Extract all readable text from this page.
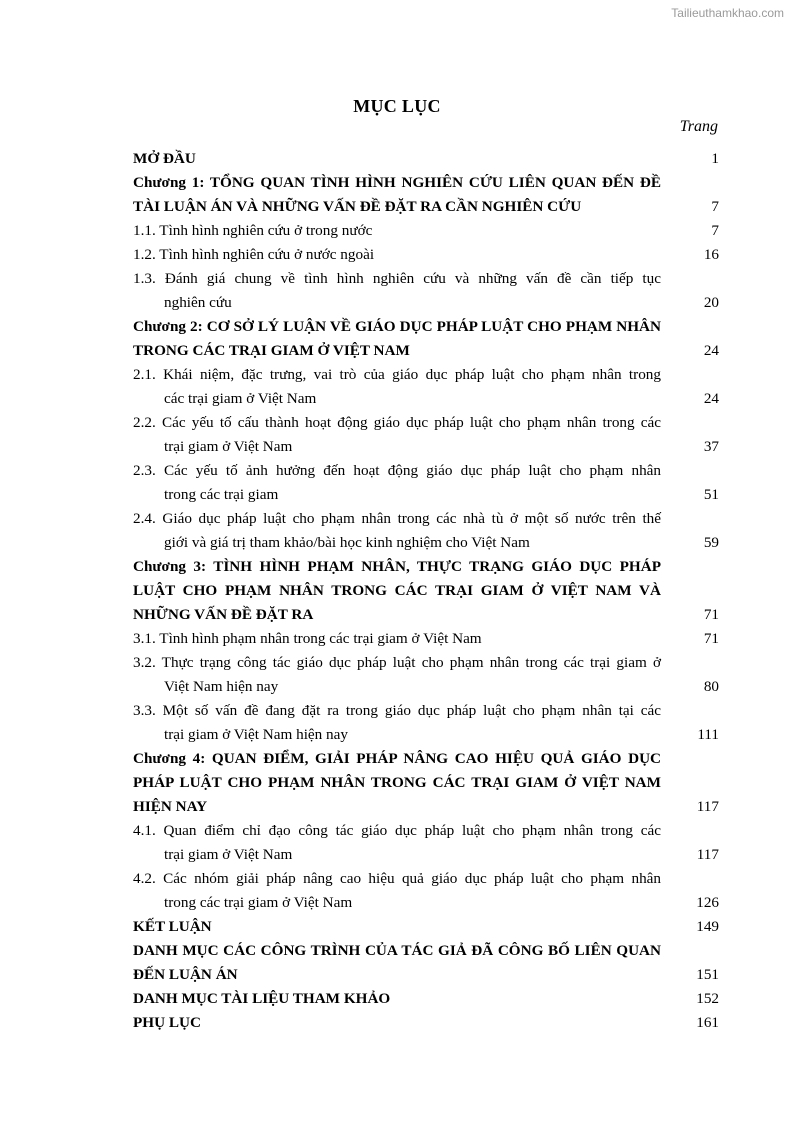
Tailieuthamkhao.com
MỤC LỤC
Trang
MỞ ĐẦU	1
Chương 1: TỔNG QUAN TÌNH HÌNH NGHIÊN CỨU LIÊN QUAN ĐẾN ĐỀ
TÀI LUẬN ÁN VÀ NHỮNG VẤN ĐỀ ĐẶT RA CẦN NGHIÊN CỨU	7
1.1. Tình hình nghiên cứu ở trong nước	7
1.2. Tình hình nghiên cứu ở nước ngoài	16
1.3. Đánh giá chung về tình hình nghiên cứu và những vấn đề cần tiếp tục
nghiên cứu	20
Chương 2: CƠ SỞ LÝ LUẬN VỀ GIÁO DỤC PHÁP LUẬT CHO PHẠM NHÂN
TRONG CÁC TRẠI GIAM Ở VIỆT NAM	24
2.1. Khái niệm, đặc trưng, vai trò của giáo dục pháp luật cho phạm nhân trong
các trại giam ở Việt Nam	24
2.2. Các yếu tố cấu thành hoạt động giáo dục pháp luật cho phạm nhân trong các
trại giam ở Việt Nam	37
2.3. Các yếu tố ảnh hưởng đến hoạt động giáo dục pháp luật cho phạm nhân
trong các trại giam	51
2.4. Giáo dục pháp luật cho phạm nhân trong các nhà tù ở một số nước trên thế
giới và giá trị tham khảo/bài học kinh nghiệm cho Việt Nam	59
Chương 3: TÌNH HÌNH PHẠM NHÂN, THỰC TRẠNG GIÁO DỤC PHÁP
LUẬT CHO PHẠM NHÂN TRONG CÁC TRẠI GIAM Ở VIỆT NAM VÀ
NHỮNG VẤN ĐỀ ĐẶT RA	71
3.1. Tình hình phạm nhân trong các trại giam ở Việt Nam	71
3.2. Thực trạng công tác giáo dục pháp luật cho phạm nhân trong các trại giam ở
Việt Nam hiện nay	80
3.3. Một số vấn đề đang đặt ra trong giáo dục pháp luật cho phạm nhân tại các
trại giam ở Việt Nam hiện nay	111
Chương 4: QUAN ĐIỂM, GIẢI PHÁP NÂNG CAO HIỆU QUẢ GIÁO DỤC
PHÁP LUẬT CHO PHẠM NHÂN TRONG CÁC TRẠI GIAM Ở VIỆT NAM
HIỆN NAY	117
4.1. Quan điểm chỉ đạo công tác giáo dục pháp luật cho phạm nhân trong các
trại giam ở Việt Nam	117
4.2. Các nhóm giải pháp nâng cao hiệu quả giáo dục pháp luật cho phạm nhân
trong các trại giam ở Việt Nam	126
KẾT LUẬN	149
DANH MỤC CÁC CÔNG TRÌNH CỦA TÁC GIẢ ĐÃ CÔNG BỐ LIÊN QUAN
ĐẾN LUẬN ÁN	151
DANH MỤC TÀI LIỆU THAM KHẢO	152
PHỤ LỤC	161
